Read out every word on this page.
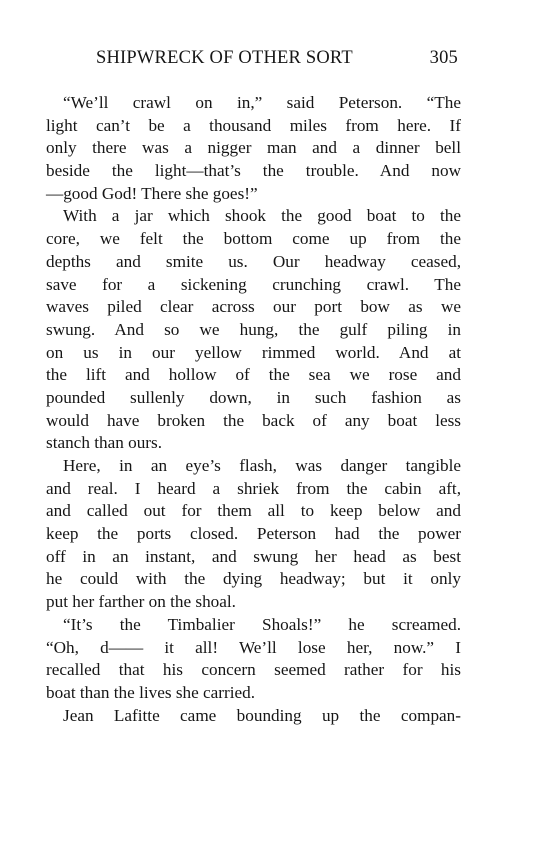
SHIPWRECK OF OTHER SORT	305
“We’ll crawl on in,” said Peterson. “The
light can’t be a thousand miles from here. If
only there was a nigger man and a dinner bell
beside the light—that’s the trouble. And now
—good God! There she goes!”
With a jar which shook the good boat to the
core, we felt the bottom come up from the
depths and smite us. Our headway ceased,
save for a sickening crunching crawl. The
waves piled clear across our port bow as we
swung. And so we hung, the gulf piling in
on us in our yellow rimmed world. And at
the lift and hollow of the sea we rose and
pounded sullenly down, in such fashion as
would have broken the back of any boat less
stanch than ours.
Here, in an eye’s flash, was danger tangible
and real. I heard a shriek from the cabin aft,
and called out for them all to keep below and
keep the ports closed. Peterson had the power
off in an instant, and swung her head as best
he could with the dying headway; but it only
put her farther on the shoal.
“It’s the Timbalier Shoals!” he screamed.
“Oh, d—— it all! We’ll lose her, now.” I
recalled that his concern seemed rather for his
boat than the lives she carried.
Jean Lafitte came bounding up the compan-
